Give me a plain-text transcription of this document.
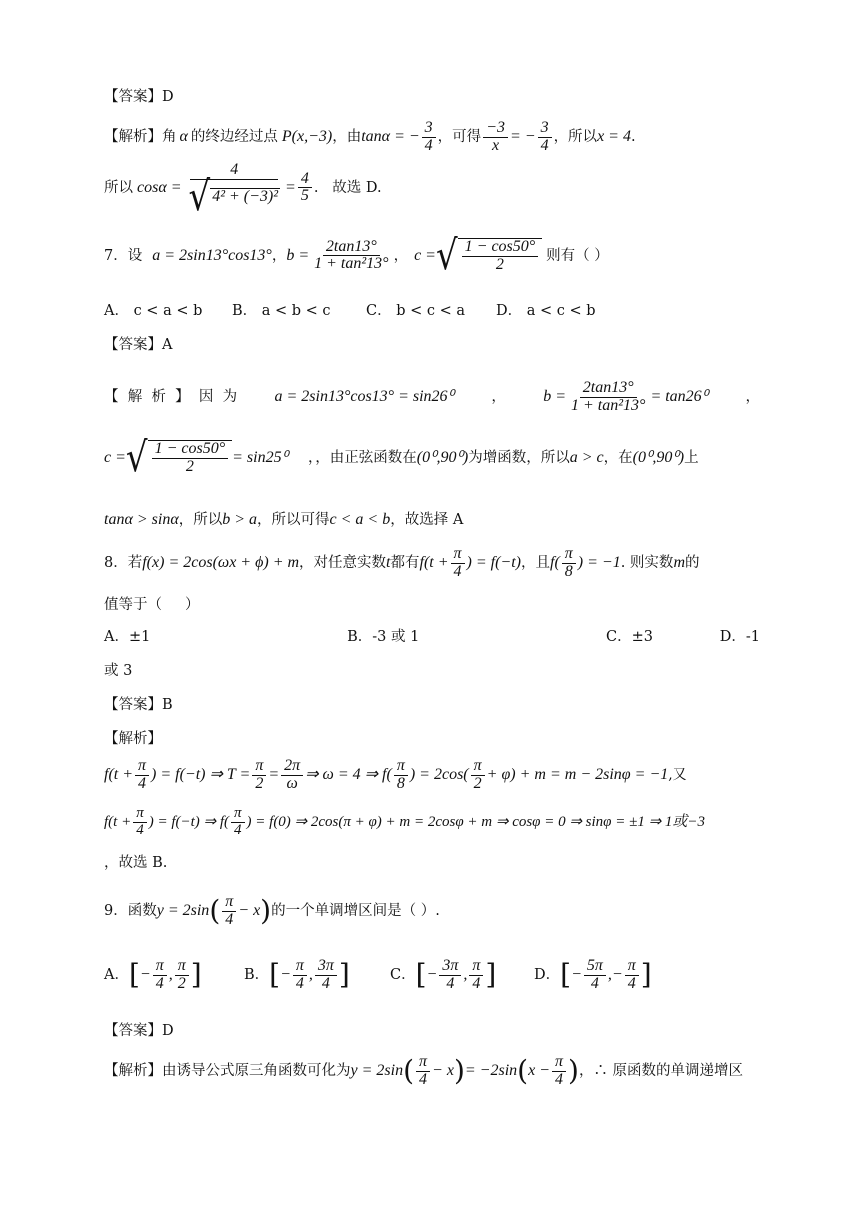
【答案】D
【解析】角 α 的终边经过点 P(x,−3) ，由 tanα = − $\frac{3}{4}$ ，可得 $\frac{-3}{x}$ = − $\frac{3}{4}$ ，所以 x = 4 .
所以 $\cos\alpha = \frac{4}{\text{√ 4² + (−3)²}} = \frac{4}{5}$ .   故选 D.
7．设 a = 2sin13°cos13° ， $b = \frac{2\tan 13^\circ}{\text{1 + tan²13°}}$ ， c = √ $\frac{1 - \cos 50^\circ}{2}$ 则有（ ）
A． c < a < b	B． a < b < c	C． b < c < a	D． a < c < b
【答案】A
【  解  析  】  因  为 a = 2sin13°cos13° = sin26⁰	， $b = \frac{2\tan 13^\circ}{\text{1 + tan²13°}} = \tan 26^0$	，
c = √ $\frac{1 - \cos 50^\circ}{2} = \sin 25^0$ ，，由正弦函数在 (0⁰,90⁰) 为增函数，所以 a > c ，在 (0⁰,90⁰) 上
tanα > sinα ，所以 b > a ，所以可得 c < a < b ，故选择 A
8．若 f(x) = 2cos(ωx + ϕ) + m ，对任意实数 t 都有 $f(t + \frac{\pi}{4}$ ) = f(−t) ，且 $f( \frac{\pi}{8}$ ) = −1 . 则实数 m 的
值等于（     ）
A．±1	B．-3 或 1	C．±3	D．-1
或 3
【答案】B
【解析】
$f(t + \frac{\pi}{4}$ ) = f(−t) ⇒ $T = \frac{\pi}{2} = \frac{2\pi}{\omega}$ ⇒ ω = 4 ⇒ $f( \frac{\pi}{8}$ ) = $2\cos( \frac{\pi}{2} + \varphi) + m = m - 2\sin\varphi = -1$ ,又
$f(t + \frac{\pi}{4}$ ) = f(−t) ⇒ $f( \frac{\pi}{4}$ ) = f(0) ⇒ 2cos(π + φ) + m = 2cosφ + m ⇒ cosφ = 0 ⇒ sinφ = ±1 ⇒ 1或−3
，故选 B.
9．函数 y = 2sin ( $\frac{\pi}{4} - x$ ) 的一个单调增区间是（ ）.
A． [ − $\frac{\pi}{4}$ , $\frac{\pi}{2}$ ]	B． [ − $\frac{\pi}{4}$ , $\frac{3\pi}{4}$ ]	C． [ − $\frac{3\pi}{4}$ , $\frac{\pi}{4}$ ]	D． [ − $\frac{5\pi}{4}$ , − $\frac{\pi}{4}$ ]
【答案】D
【解析】由诱导公式原三角函数可化为 y = 2sin ( $\frac{\pi}{4} - x$ ) = −2sin ( $x - \frac{\pi}{4}$ ) ，∴ 原函数的单调递增区
